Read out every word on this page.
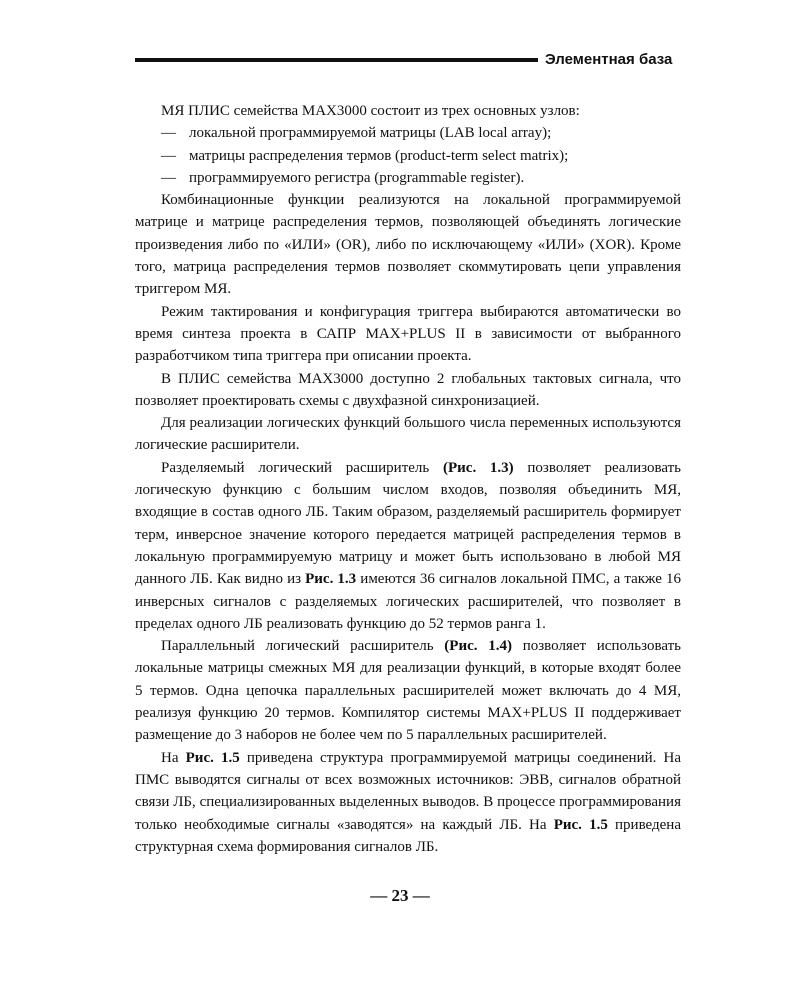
Элементная база

МЯ ПЛИС семейства MAX3000 состоит из трех основных узлов:

— локальной программируемой матрицы (LAB local array);
— матрицы распределения термов (product-term select matrix);
— программируемого регистра (programmable register).

Комбинационные функции реализуются на локальной программируемой матрице и матрице распределения термов, позволяющей объединять логические произведения либо по «ИЛИ» (OR), либо по исключающему «ИЛИ» (XOR). Кроме того, матрица распределения термов позволяет скоммутировать цепи управления триггером МЯ.

Режим тактирования и конфигурация триггера выбираются автоматически во время синтеза проекта в САПР MAX+PLUS II в зависимости от выбранного разработчиком типа триггера при описании проекта.

В ПЛИС семейства MAX3000 доступно 2 глобальных тактовых сигнала, что позволяет проектировать схемы с двухфазной синхронизацией.

Для реализации логических функций большого числа переменных используются логические расширители.

Разделяемый логический расширитель (Рис. 1.3) позволяет реализовать логическую функцию с большим числом входов, позволяя объединить МЯ, входящие в состав одного ЛБ. Таким образом, разделяемый расширитель формирует терм, инверсное значение которого передается матрицей распределения термов в локальную программируемую матрицу и может быть использовано в любой МЯ данного ЛБ. Как видно из Рис. 1.3 имеются 36 сигналов локальной ПМС, а также 16 инверсных сигналов с разделяемых логических расширителей, что позволяет в пределах одного ЛБ реализовать функцию до 52 термов ранга 1.

Параллельный логический расширитель (Рис. 1.4) позволяет использовать локальные матрицы смежных МЯ для реализации функций, в которые входят более 5 термов. Одна цепочка параллельных расширителей может включать до 4 МЯ, реализуя функцию 20 термов. Компилятор системы MAX+PLUS II поддерживает размещение до 3 наборов не более чем по 5 параллельных расширителей.

На Рис. 1.5 приведена структура программируемой матрицы соединений. На ПМС выводятся сигналы от всех возможных источников: ЭВВ, сигналов обратной связи ЛБ, специализированных выделенных выводов. В процессе программирования только необходимые сигналы «заводятся» на каждый ЛБ. На Рис. 1.5 приведена структурная схема формирования сигналов ЛБ.

— 23 —
